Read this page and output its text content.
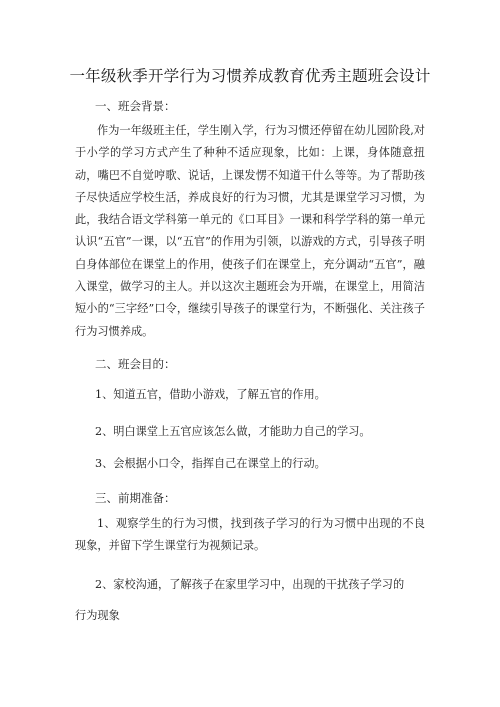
一年级秋季开学行为习惯养成教育优秀主题班会设计
一、班会背景：
作为一年级班主任，学生刚入学，行为习惯还停留在幼儿园阶段,对于小学的学习方式产生了种种不适应现象，比如：上课，身体随意扭动，嘴巴不自觉哼歌、说话，上课发愣不知道干什么等等。为了帮助孩子尽快适应学校生活，养成良好的行为习惯，尤其是课堂学习习惯，为此，我结合语文学科第一单元的《口耳目》一课和科学学科的第一单元认识“五官”一课，以“五官”的作用为引领，以游戏的方式，引导孩子明白身体部位在课堂上的作用，使孩子们在课堂上，充分调动“五官”，融入课堂，做学习的主人。并以这次主题班会为开端，在课堂上，用简洁短小的“三字经”口令，继续引导孩子的课堂行为，不断强化、关注孩子行为习惯养成。
二、班会目的：
1、知道五官，借助小游戏，了解五官的作用。
2、明白课堂上五官应该怎么做，才能助力自己的学习。
3、会根据小口令，指挥自己在课堂上的行动。
三、前期准备：
1、观察学生的行为习惯，找到孩子学习的行为习惯中出现的不良现象，并留下学生课堂行为视频记录。
2、家校沟通，了解孩子在家里学习中，出现的干扰孩子学习的
行为现象
